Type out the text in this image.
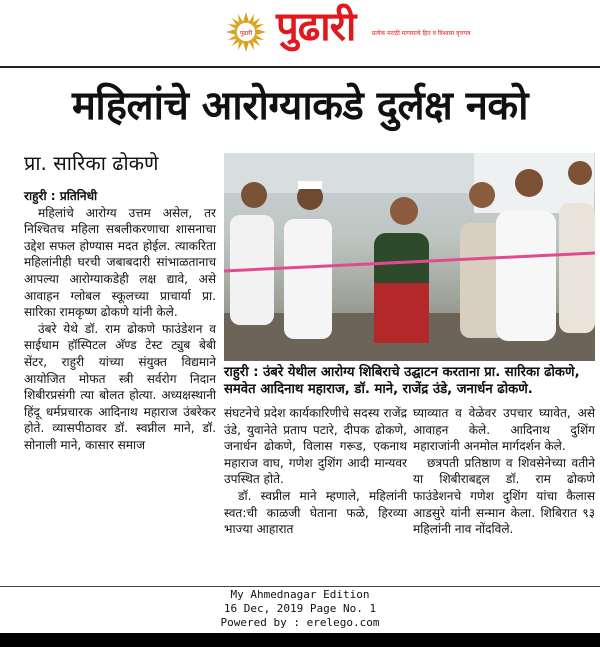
पुढारी पुढारी	प्रत्येक मराठी माणसाचे हित व विश्वास वृत्तपत्र
महिलांचे आरोग्याकडे दुर्लक्ष नको
प्रा. सारिका ढोकणे
राहुरी : उंबरे येथील आरोग्य शिबिराचे उद्घाटन करताना प्रा. सारिका ढोकणे, समवेत आदिनाथ महाराज, डॉ. माने, राजेंद्र उंडे, जनार्धन ढोकणे.

राहुरी : प्रतिनिधी

महिलांचे आरोग्य उत्तम असेल, तर निश्‍चितच महिला सबलीकरणाचा शासनाचा उद्देश सफल होण्यास मदत होईल. त्याकरिता महिलांनीही घरची जबाबदारी सांभाळतानाच आपल्या आरोग्याकडेही लक्ष द्यावे, असे आवाहन ग्लोबल स्कूलच्या प्राचार्या प्रा. सारिका रामकृष्ण ढोकणे यांनी केले.

उंबरे येथे डॉ. राम ढोकणे फाउंडेशन व साईधाम हॉस्पिटल अ‍ॅण्ड टेस्ट ट्युब बेबी सेंटर, राहुरी यांच्या संयुक्त विद्यमाने आयोजित मोफत स्त्री सर्वरोग निदान शिबीरप्रसंगी त्या बोलत होत्या. अध्यक्षस्थानी हिंदू धर्मप्रचारक आदिनाथ महाराज उंबरेकर होते. व्यासपीठावर डॉ. स्वप्नील माने, डॉ. सोनाली माने, कासार समाज

संघटनेचे प्रदेश कार्यकारिणीचे सदस्य राजेंद्र उंडे, युवानेते प्रताप पटारे, दीपक ढोकणे, जनार्धन ढोकणे, विलास गरूड, एकनाथ महाराज वाघ, गणेश दुशिंग आदी मान्यवर उपस्थित होते.

डॉ. स्वप्नील माने म्हणाले, महिलांनी स्वत:ची काळजी घेताना फळे, हिरव्या भाज्या आहारात

घ्याव्यात व वेळेवर उपचार घ्यावेत, असे आवाहन केले. आदिनाथ दुशिंग महाराजांनी अनमोल मार्गदर्शन केले.

छत्रपती प्रतिष्ठाण व शिवसेनेच्या वतीने या शिबीराबद्दल डॉ. राम ढोकणे फाउंडेशनचे गणेश दुशिंग यांचा कैलास आडसुरे यांनी सन्मान केला. शिबिरात ९३ महिलांनी नाव नोंदविले.

My Ahmednagar Edition
16 Dec, 2019 Page No. 1
Powered by : erelego.com
